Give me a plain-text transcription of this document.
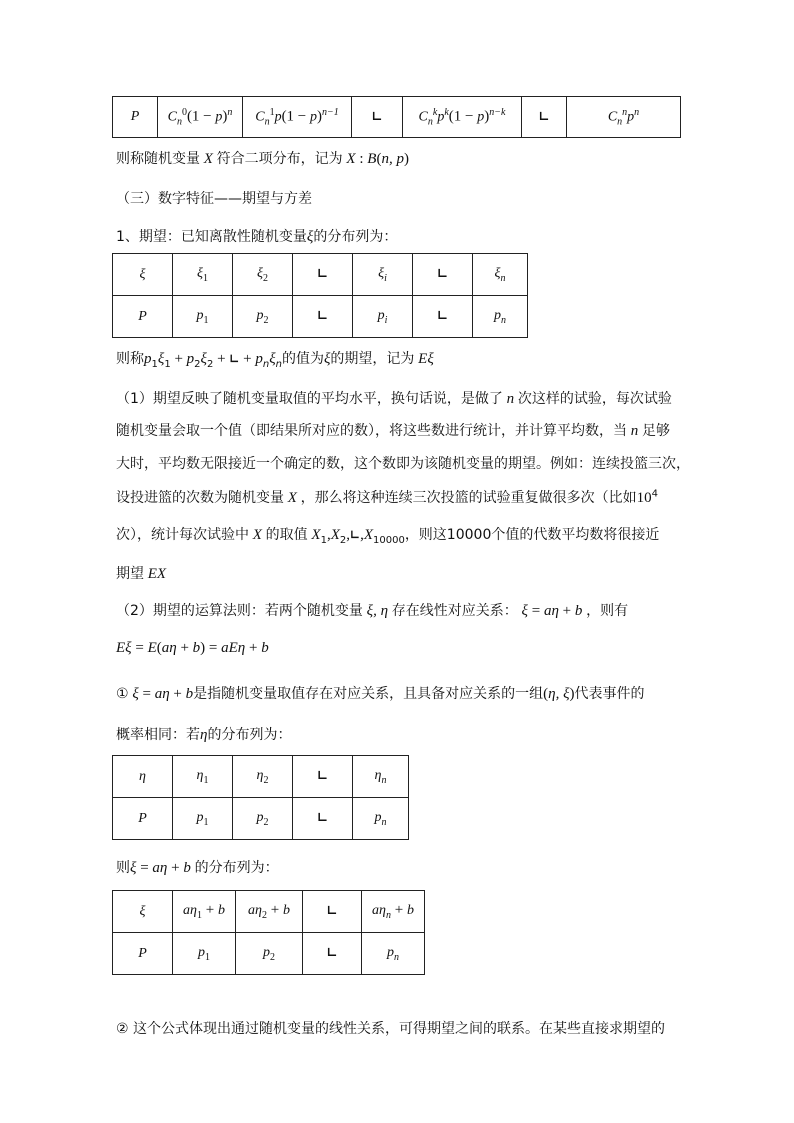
P	$C_n^0(1 - p)^n$	$C_n^1p(1 - p)^{n-1}$	∟	$C_n^kp^k(1 - p)^{n-k}$	∟	$C_n^np^n$
则称随机变量 X 符合二项分布，记为 X : B(n, p)
（三）数字特征——期望与方差
1、期望：已知离散性随机变量ξ的分布列为：
ξ	$\xi_1$	$\xi_2$	∟	$\xi_i$	∟	$\xi_n$
P	$p_1$	$p_2$	∟	$p_i$	∟	$p_n$
则称$p_1\xi_1 + p_2\xi_2$ + ∟ + $p_n\xi_n$的值为ξ的期望，记为 Eξ
（1）期望反映了随机变量取值的平均水平，换句话说，是做了 n 次这样的试验，每次试验
随机变量会取一个值（即结果所对应的数），将这些数进行统计，并计算平均数，当 n 足够
大时，平均数无限接近一个确定的数，这个数即为该随机变量的期望。例如：连续投篮三次，
设投进篮的次数为随机变量 X ，那么将这种连续三次投篮的试验重复做很多次（比如$10^4$
次），统计每次试验中 X 的取值 $X_1,X_2,∟,X_{10000}$，则这10000个值的代数平均数将很接近
期望 EX
（2）期望的运算法则：若两个随机变量 ξ, η 存在线性对应关系： ξ = aη + b ，则有
Eξ = E(aη + b) = aEη + b
① ξ = aη + b是指随机变量取值存在对应关系，且具备对应关系的一组(η, ξ)代表事件的
概率相同：若η的分布列为：
η	$\eta_1$	$\eta_2$	∟	$\eta_n$
P	$p_1$	$p_2$	∟	$p_n$
则ξ = aη + b 的分布列为：
ξ	$a\eta_1 + b$	$a\eta_2 + b$	∟	$a\eta_n + b$
P	$p_1$	$p_2$	∟	$p_n$
② 这个公式体现出通过随机变量的线性关系，可得期望之间的联系。在某些直接求期望的
